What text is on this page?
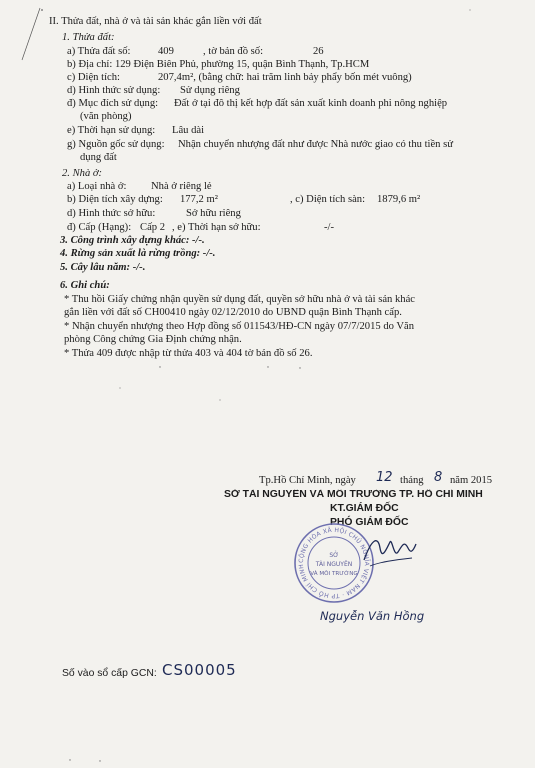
II. Thửa đất, nhà ở và tài sản khác gắn liền với đất
1. Thửa đất:
a) Thửa đất số:	409	, tờ bản đồ số:	26
b) Địa chỉ: 129 Điện Biên Phủ, phường 15, quận Bình Thạnh, Tp.HCM
c) Diện tích:	207,4m², (bằng chữ: hai trăm linh bảy phẩy bốn mét vuông)
d) Hình thức sử dụng: Sử dụng riêng
đ) Mục đích sử dụng: Đất ở tại đô thị kết hợp đất sản xuất kinh doanh phi nông nghiệp
(văn phòng)
e) Thời hạn sử dụng: Lâu dài
g) Nguồn gốc sử dụng: Nhận chuyển nhượng đất như được Nhà nước giao có thu tiền sử
dụng đất
2. Nhà ở:
a) Loại nhà ở: Nhà ở riêng lẻ
b) Diện tích xây dựng: 177,2 m²	, c) Diện tích sàn: 1879,6 m²
d) Hình thức sở hữu:	Sở hữu riêng
đ) Cấp (Hạng): Cấp 2 , e) Thời hạn sở hữu:	-/-
3. Công trình xây dựng khác: -/-.
4. Rừng sản xuất là rừng trồng: -/-.
5. Cây lâu năm: -/-.
6. Ghi chú:
* Thu hồi Giấy chứng nhận quyền sử dụng đất, quyền sở hữu nhà ở và tài sản khác
gắn liền với đất số CH00410 ngày 02/12/2010 do UBND quận Bình Thạnh cấp.
* Nhận chuyển nhượng theo Hợp đồng số 011543/HĐ-CN ngày 07/7/2015 do Văn
phòng Công chứng Gia Định chứng nhận.
* Thửa 409 được nhập từ thửa 403 và 404 tờ bản đồ số 26.
Tp.Hồ Chí Minh, ngày 12 tháng 8 năm 2015
SỞ TÀI NGUYÊN VÀ MÔI TRƯỜNG TP. HỒ CHÍ MINH
KT.GIÁM ĐỐC
PHÓ GIÁM ĐỐC
CỘNG HÒA XÃ HỘI CHỦ NGHĨA VIỆT NAM · TP HỒ CHÍ MINH
SỞ
TÀI NGUYÊN
VÀ MÔI TRƯỜNG
Nguyễn Văn Hồng
Số vào sổ cấp GCN: CS00005
